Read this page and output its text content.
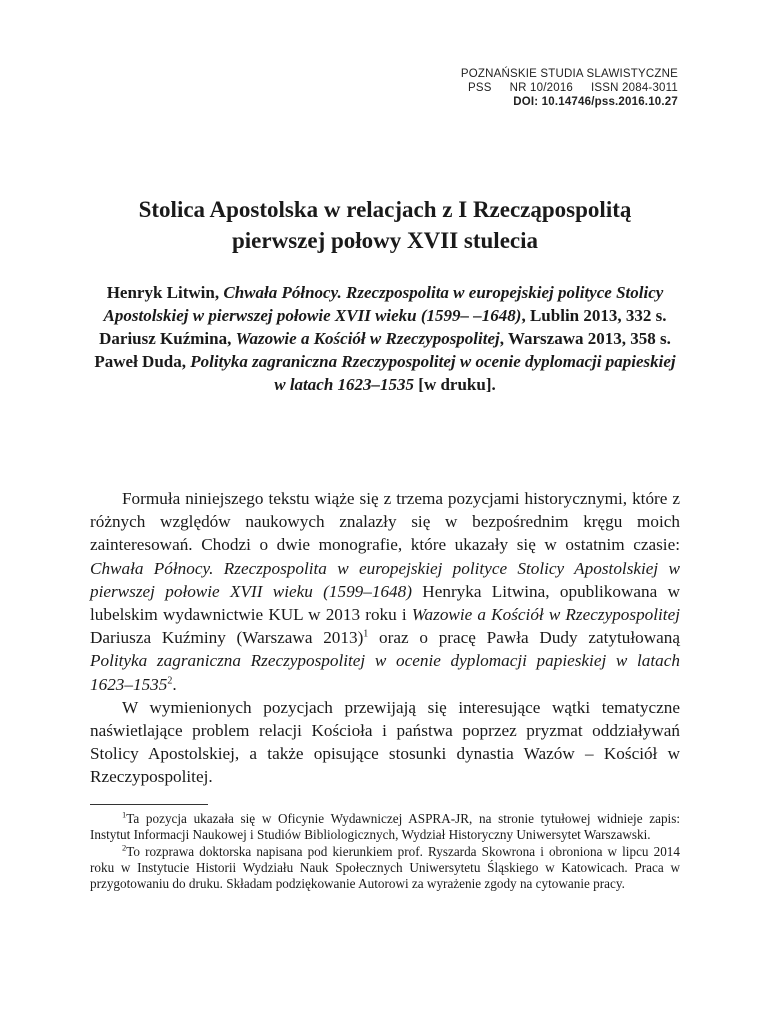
POZNAŃSKIE STUDIA SLAWISTYCZNE
PSS NR 10/2016 ISSN 2084-3011
DOI: 10.14746/pss.2016.10.27
Stolica Apostolska w relacjach z I Rzecząpospolitą
pierwszej połowy XVII stulecia

Henryk Litwin, Chwała Północy. Rzeczpospolita w europejskiej polityce Stolicy Apostolskiej w pierwszej połowie XVII wieku (1599– –1648), Lublin 2013, 332 s.

Dariusz Kuźmina, Wazowie a Kościół w Rzeczypospolitej, Warszawa 2013, 358 s.

Paweł Duda, Polityka zagraniczna Rzeczypospolitej w ocenie dyplomacji papieskiej w latach 1623–1535 [w druku].

Formuła niniejszego tekstu wiąże się z trzema pozycjami historycznymi, które z różnych względów naukowych znalazły się w bezpośrednim kręgu moich zainteresowań. Chodzi o dwie monografie, które ukazały się w ostatnim czasie: Chwała Północy. Rzeczpospolita w europejskiej polityce Stolicy Apostolskiej w pierwszej połowie XVII wieku (1599–1648) Henryka Litwina, opublikowana w lubelskim wydawnictwie KUL w 2013 roku i Wazowie a Kościół w Rzeczypospolitej Dariusza Kuźminy (Warszawa 2013)$^1$ oraz o pracę Pawła Dudy zatytułowaną Polityka zagraniczna Rzeczypospolitej w ocenie dyplomacji papieskiej w latach 1623–1535$^2$.

W wymienionych pozycjach przewijają się interesujące wątki tematyczne naświetlające problem relacji Kościoła i państwa poprzez pryzmat oddziaływań Stolicy Apostolskiej, a także opisujące stosunki dynastia Wazów – Kościół w Rzeczypospolitej.

$^1$Ta pozycja ukazała się w Oficynie Wydawniczej ASPRA-JR, na stronie tytułowej widnieje zapis: Instytut Informacji Naukowej i Studiów Bibliologicznych, Wydział Historyczny Uniwersytet Warszawski.

$^2$To rozprawa doktorska napisana pod kierunkiem prof. Ryszarda Skowrona i obroniona w lipcu 2014 roku w Instytucie Historii Wydziału Nauk Społecznych Uniwersytetu Śląskiego w Katowicach. Praca w przygotowaniu do druku. Składam podziękowanie Autorowi za wyrażenie zgody na cytowanie pracy.
